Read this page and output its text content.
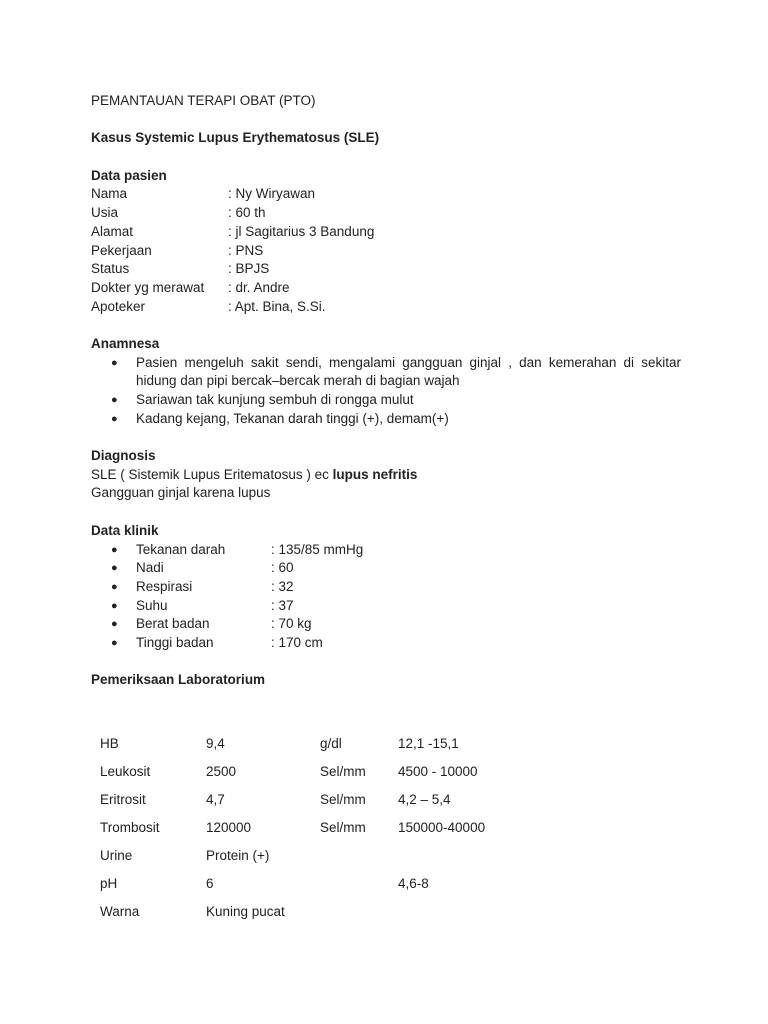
PEMANTAUAN TERAPI OBAT (PTO)
Kasus Systemic Lupus Erythematosus (SLE)
Data pasien
Nama	: Ny Wiryawan
Usia	: 60 th
Alamat	: jl Sagitarius 3 Bandung
Pekerjaan	: PNS
Status	: BPJS
Dokter yg merawat	: dr. Andre
Apoteker	: Apt. Bina, S.Si.
Anamnesa
● Pasien mengeluh sakit sendi, mengalami gangguan ginjal , dan kemerahan di sekitar
hidung dan pipi bercak–bercak merah di bagian wajah
● Sariawan tak kunjung sembuh di rongga mulut
● Kadang kejang, Tekanan darah tinggi (+), demam(+)
Diagnosis
SLE ( Sistemik Lupus Eritematosus ) ec lupus nefritis
Gangguan ginjal karena lupus
Data klinik
● Tekanan darah	: 135/85 mmHg
● Nadi	: 60
● Respirasi	: 32
● Suhu	: 37
● Berat badan	: 70 kg
● Tinggi badan	: 170 cm
Pemeriksaan Laboratorium
HB	9,4	g/dl	12,1 -15,1
Leukosit	2500	Sel/mm	4500 - 10000
Eritrosit	4,7	Sel/mm	4,2 – 5,4
Trombosit	120000	Sel/mm	150000-40000
Urine	Protein (+)		
pH	6		4,6-8
Warna	Kuning pucat		
